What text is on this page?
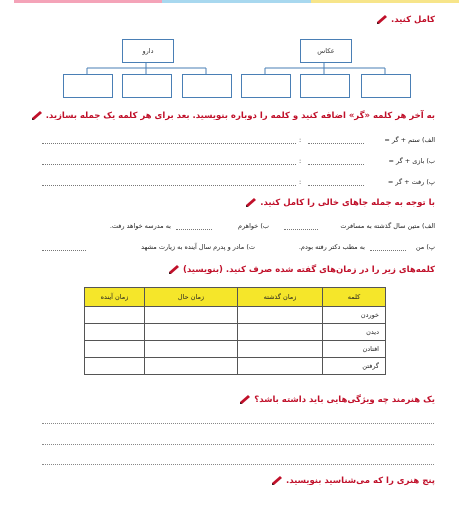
کامل کنید.
دارو	عکاس
به آخر هر کلمه «گر» اضافه کنید و کلمه را دوباره بنویسید. بعد برای هر کلمه یک جمله بسازید.
الف) ستم + گر =
:
ب) بازی + گر =
:
پ) رفت + گر =
:
با توجه به جمله جاهای خالی را کامل کنید.
الف) متین سال گذشته به مسافرت
ب) خواهرم
به مدرسه خواهد رفت.
پ) من
به مطب دکتر رفته بودم.
ت) مادر و پدرم سال آینده به زیارت مشهد
کلمه‌های زیر را در زمان‌های گفته شده صرف کنید. (بنویسید)
کلمه	زمان گذشته	زمان حال	زمان آینده
خوردن			
دیدن			
افتادن			
گرفتن			
یک هنرمند چه ویژگی‌هایی باید داشته باشد؟
پنج هنری را که می‌شناسید بنویسید.
